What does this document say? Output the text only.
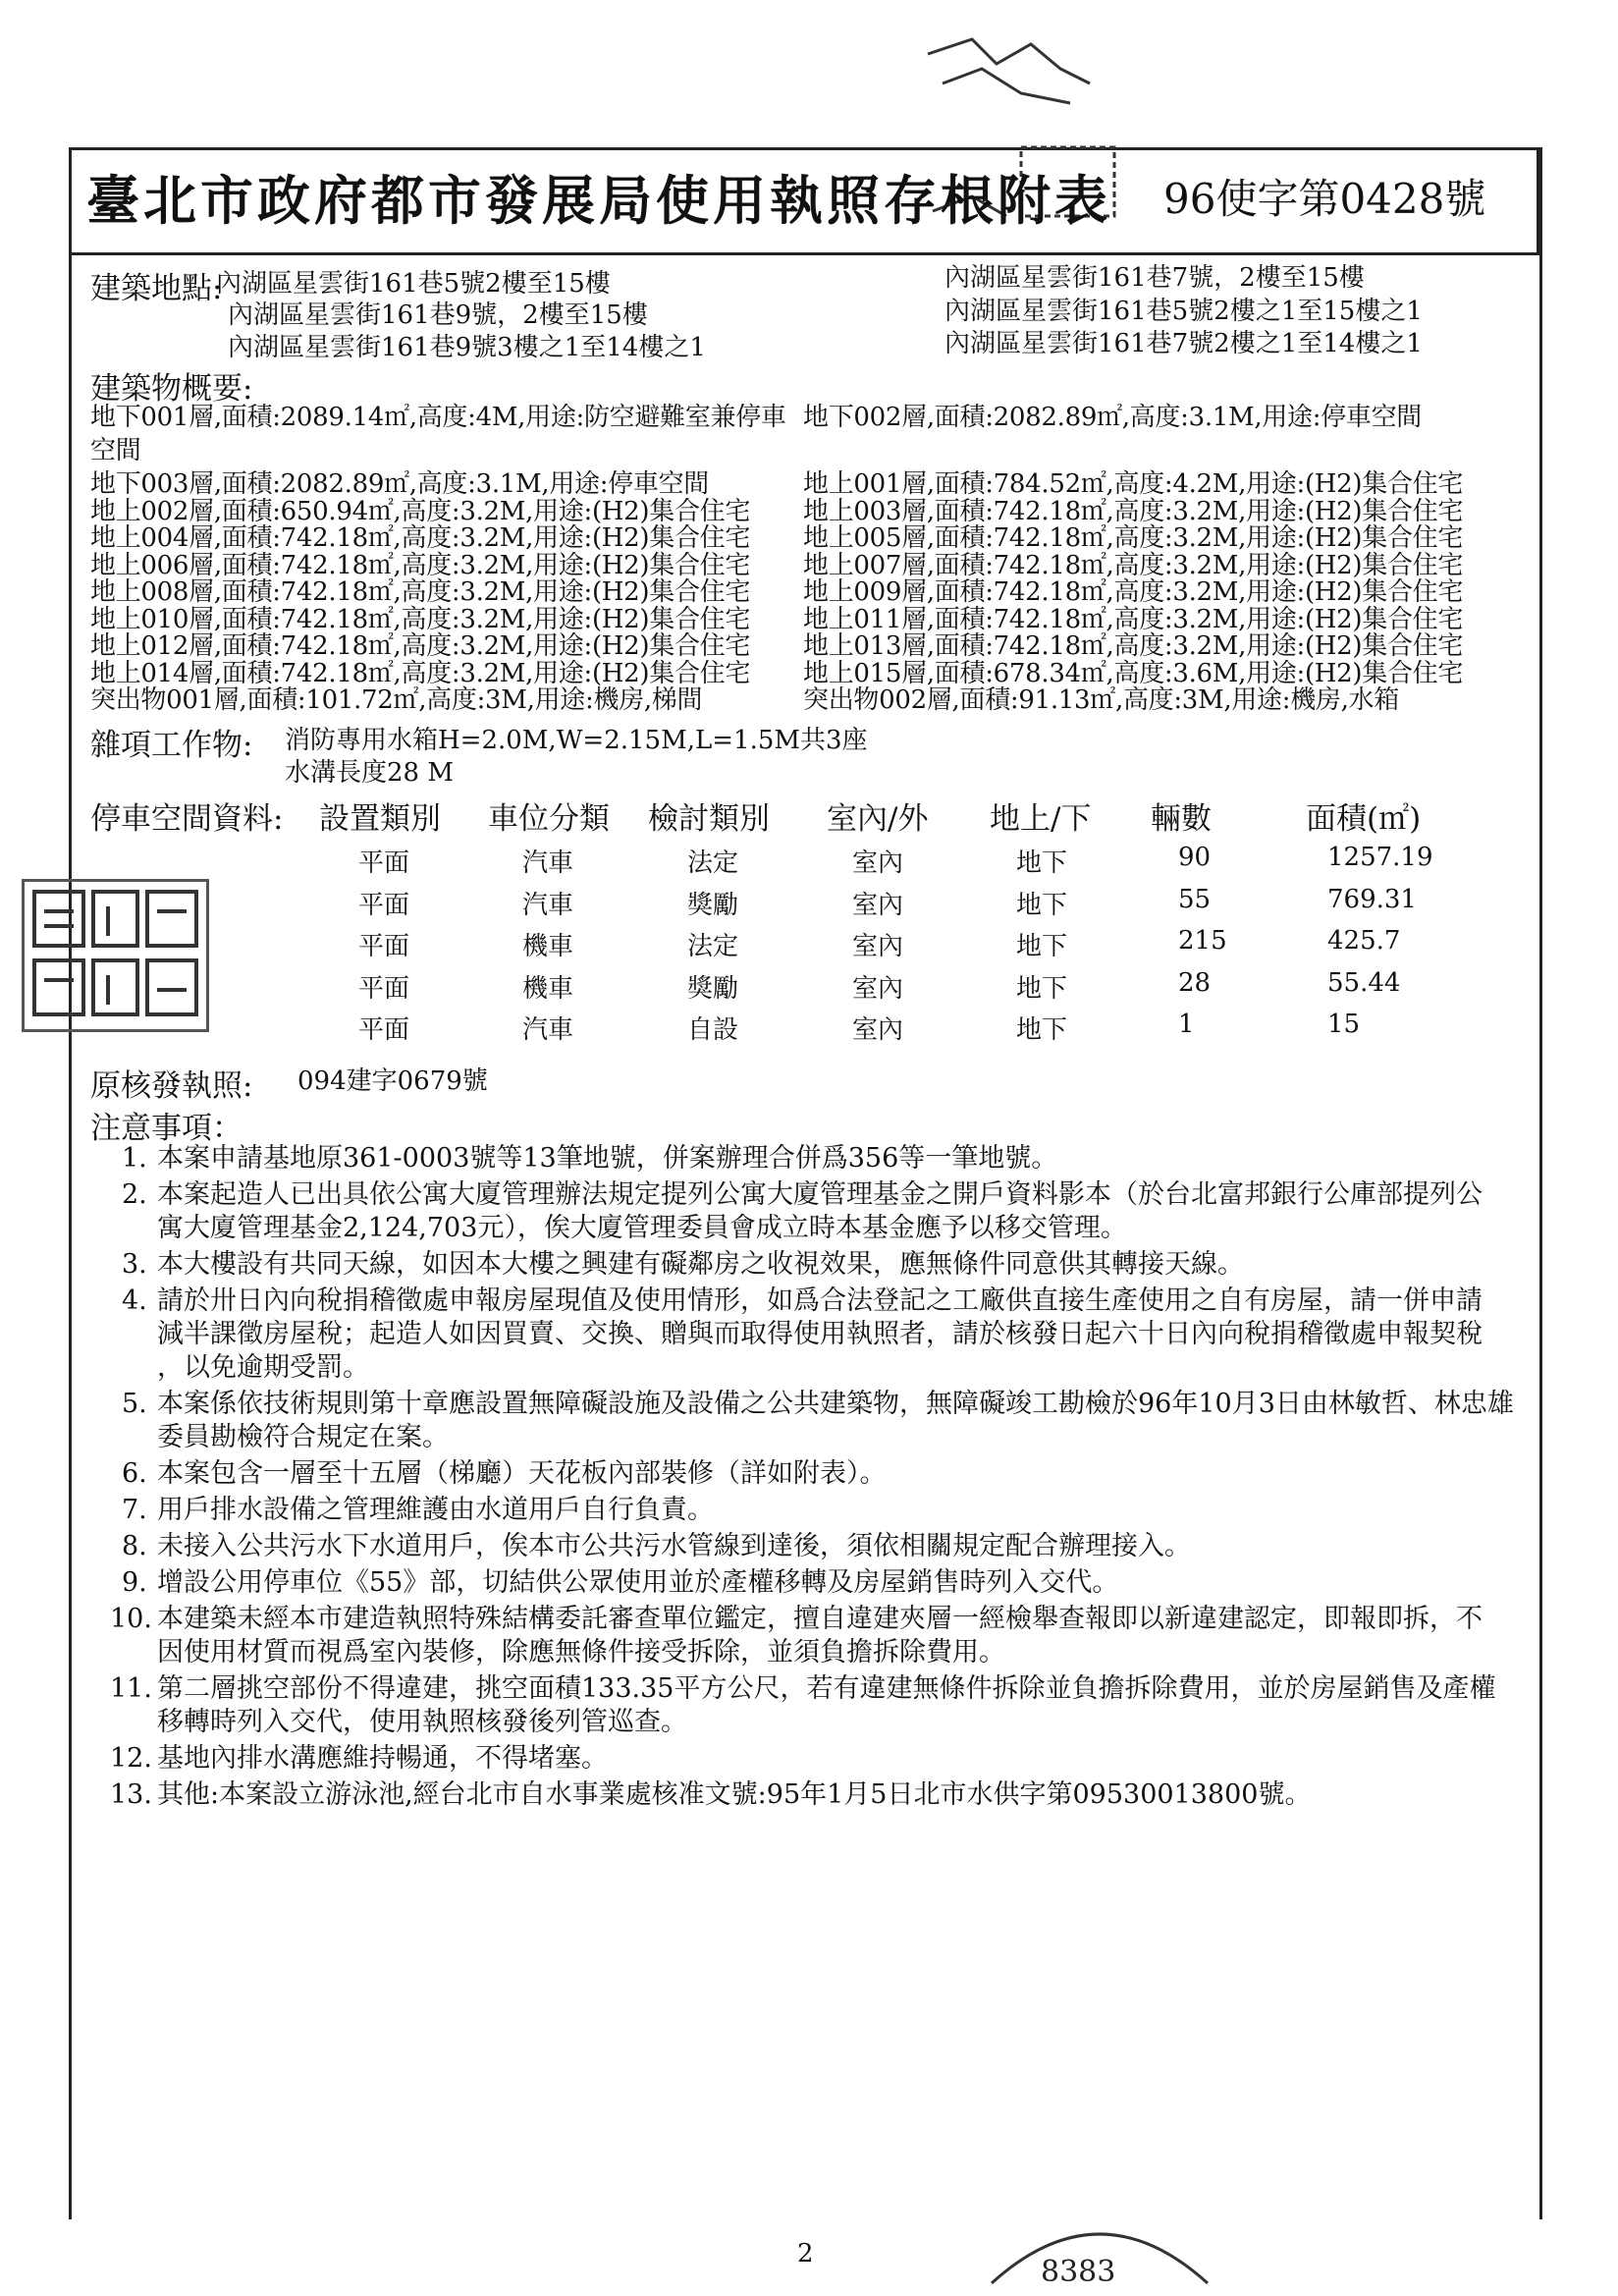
臺北市政府都市發展局使用執照存根附表 96使字第0428號
建築地點:
內湖區星雲街161巷5號2樓至15樓
內湖區星雲街161巷9號，2樓至15樓
內湖區星雲街161巷9號3樓之1至14樓之1
內湖區星雲街161巷7號，2樓至15樓
內湖區星雲街161巷5號2樓之1至15樓之1
內湖區星雲街161巷7號2樓之1至14樓之1
建築物概要:
地下001層,面積:2089.14㎡,高度:4M,用途:防空避難室兼停車
空間
地下002層,面積:2082.89㎡,高度:3.1M,用途:停車空間
地下003層,面積:2082.89㎡,高度:3.1M,用途:停車空間
地上002層,面積:650.94㎡,高度:3.2M,用途:(H2)集合住宅
地上004層,面積:742.18㎡,高度:3.2M,用途:(H2)集合住宅
地上006層,面積:742.18㎡,高度:3.2M,用途:(H2)集合住宅
地上008層,面積:742.18㎡,高度:3.2M,用途:(H2)集合住宅
地上010層,面積:742.18㎡,高度:3.2M,用途:(H2)集合住宅
地上012層,面積:742.18㎡,高度:3.2M,用途:(H2)集合住宅
地上014層,面積:742.18㎡,高度:3.2M,用途:(H2)集合住宅
突出物001層,面積:101.72㎡,高度:3M,用途:機房,梯間
地上001層,面積:784.52㎡,高度:4.2M,用途:(H2)集合住宅
地上003層,面積:742.18㎡,高度:3.2M,用途:(H2)集合住宅
地上005層,面積:742.18㎡,高度:3.2M,用途:(H2)集合住宅
地上007層,面積:742.18㎡,高度:3.2M,用途:(H2)集合住宅
地上009層,面積:742.18㎡,高度:3.2M,用途:(H2)集合住宅
地上011層,面積:742.18㎡,高度:3.2M,用途:(H2)集合住宅
地上013層,面積:742.18㎡,高度:3.2M,用途:(H2)集合住宅
地上015層,面積:678.34㎡,高度:3.6M,用途:(H2)集合住宅
突出物002層,面積:91.13㎡,高度:3M,用途:機房,水箱
雜項工作物: 消防專用水箱H=2.0M,W=2.15M,L=1.5M共3座
水溝長度28 M
停車空間資料: 設置類別 車位分類 檢討類別 室內/外 地上/下 輛數	面積(㎡)
平面	汽車	法定	室內	地下	90	1257.19
平面	汽車	獎勵	室內	地下	55	769.31
平面	機車	法定	室內	地下	215	425.7
平面	機車	獎勵	室內	地下	28	55.44
平面	汽車	自設	室內	地下	1	15
原核發執照: 094建字0679號
注意事項：
1. 本案申請基地原361-0003號等13筆地號，併案辦理合併爲356等一筆地號。
2. 本案起造人已出具依公寓大廈管理辦法規定提列公寓大廈管理基金之開戶資料影本（於台北富邦銀行公庫部提列公
寓大廈管理基金2,124,703元），俟大廈管理委員會成立時本基金應予以移交管理。
3. 本大樓設有共同天線，如因本大樓之興建有礙鄰房之收視效果，應無條件同意供其轉接天線。
4. 請於卅日內向稅捐稽徵處申報房屋現值及使用情形，如爲合法登記之工廠供直接生產使用之自有房屋，請一併申請
減半課徵房屋稅；起造人如因買賣、交換、贈與而取得使用執照者，請於核發日起六十日內向稅捐稽徵處申報契稅
，以免逾期受罰。
5. 本案係依技術規則第十章應設置無障礙設施及設備之公共建築物，無障礙竣工勘檢於96年10月3日由林敏哲、林忠雄
委員勘檢符合規定在案。
6. 本案包含一層至十五層（梯廳）天花板內部裝修（詳如附表）。
7. 用戶排水設備之管理維護由水道用戶自行負責。
8. 未接入公共污水下水道用戶，俟本市公共污水管線到達後，須依相關規定配合辦理接入。
9. 增設公用停車位《55》部，切結供公眾使用並於產權移轉及房屋銷售時列入交代。
10. 本建築未經本市建造執照特殊結構委託審查單位鑑定，擅自違建夾層一經檢舉查報即以新違建認定，即報即拆，不
因使用材質而視爲室內裝修，除應無條件接受拆除，並須負擔拆除費用。
11. 第二層挑空部份不得違建，挑空面積133.35平方公尺，若有違建無條件拆除並負擔拆除費用，並於房屋銷售及產權
移轉時列入交代，使用執照核發後列管巡查。
12. 基地內排水溝應維持暢通，不得堵塞。
13. 其他:本案設立游泳池,經台北市自水事業處核准文號:95年1月5日北市水供字第09530013800號。
2
8383
